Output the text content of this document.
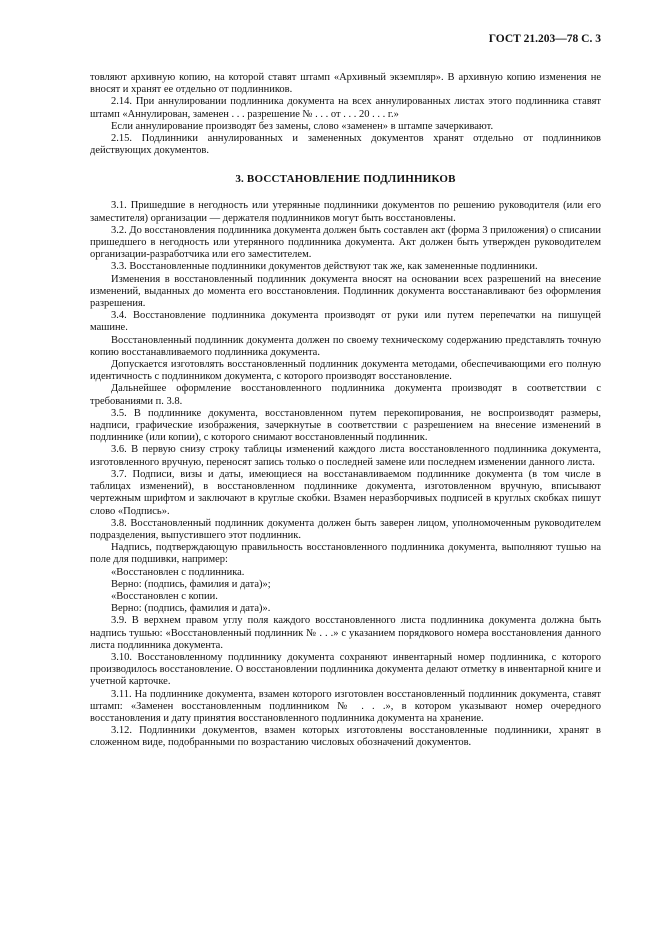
ГОСТ 21.203—78 С. 3

товляют архивную копию, на которой ставят штамп «Архивный экземпляр». В архивную копию изменения не вносят и хранят ее отдельно от подлинников.

2.14. При аннулировании подлинника документа на всех аннулированных листах этого подлинника ставят штамп «Аннулирован, заменен . . . разрешение № . . . от . . . 20 . . . г.»

Если аннулирование производят без замены, слово «заменен» в штампе зачеркивают.

2.15. Подлинники аннулированных и замененных документов хранят отдельно от подлинников действующих документов.

3. ВОССТАНОВЛЕНИЕ ПОДЛИННИКОВ

3.1. Пришедшие в негодность или утерянные подлинники документов по решению руководителя (или его заместителя) организации — держателя подлинников могут быть восстановлены.

3.2. До восстановления подлинника документа должен быть составлен акт (форма 3 приложения) о списании пришедшего в негодность или утерянного подлинника документа. Акт должен быть утвержден руководителем организации-разработчика или его заместителем.

3.3. Восстановленные подлинники документов действуют так же, как замененные подлинники.

Изменения в восстановленный подлинник документа вносят на основании всех разрешений на внесение изменений, выданных до момента его восстановления. Подлинник документа восстанавливают без оформления разрешения.

3.4. Восстановление подлинника документа производят от руки или путем перепечатки на пишущей машине.

Восстановленный подлинник документа должен по своему техническому содержанию представлять точную копию восстанавливаемого подлинника документа.

Допускается изготовлять восстановленный подлинник документа методами, обеспечивающими его полную идентичность с подлинником документа, с которого производят восстановление.

Дальнейшее оформление восстановленного подлинника документа производят в соответствии с требованиями п. 3.8.

3.5. В подлиннике документа, восстановленном путем перекопирования, не воспроизводят размеры, надписи, графические изображения, зачеркнутые в соответствии с разрешением на внесение изменений в подлиннике (или копии), с которого снимают восстановленный подлинник.

3.6. В первую снизу строку таблицы изменений каждого листа восстановленного подлинника документа, изготовленного вручную, переносят запись только о последней замене или последнем изменении данного листа.

3.7. Подписи, визы и даты, имеющиеся на восстанавливаемом подлиннике документа (в том числе в таблицах изменений), в восстановленном подлиннике документа, изготовленном вручную, вписывают чертежным шрифтом и заключают в круглые скобки. Взамен неразборчивых подписей в круглых скобках пишут слово «Подпись».

3.8. Восстановленный подлинник документа должен быть заверен лицом, уполномоченным руководителем подразделения, выпустившего этот подлинник.

Надпись, подтверждающую правильность восстановленного подлинника документа, выполняют тушью на поле для подшивки, например:

«Восстановлен с подлинника.

Верно: (подпись, фамилия и дата)»;

«Восстановлен с копии.

Верно: (подпись, фамилия и дата)».

3.9. В верхнем правом углу поля каждого восстановленного листа подлинника документа должна быть надпись тушью: «Восстановленный подлинник № . . .» с указанием порядкового номера восстановления данного листа подлинника документа.

3.10. Восстановленному подлиннику документа сохраняют инвентарный номер подлинника, с которого производилось восстановление. О восстановлении подлинника документа делают отметку в инвентарной книге и учетной карточке.

3.11. На подлиннике документа, взамен которого изготовлен восстановленный подлинник документа, ставят штамп: «Заменен восстановленным подлинником № . . .», в котором указывают номер очередного восстановления и дату принятия восстановленного подлинника документа на хранение.

3.12. Подлинники документов, взамен которых изготовлены восстановленные подлинники, хранят в сложенном виде, подобранными по возрастанию числовых обозначений документов.
